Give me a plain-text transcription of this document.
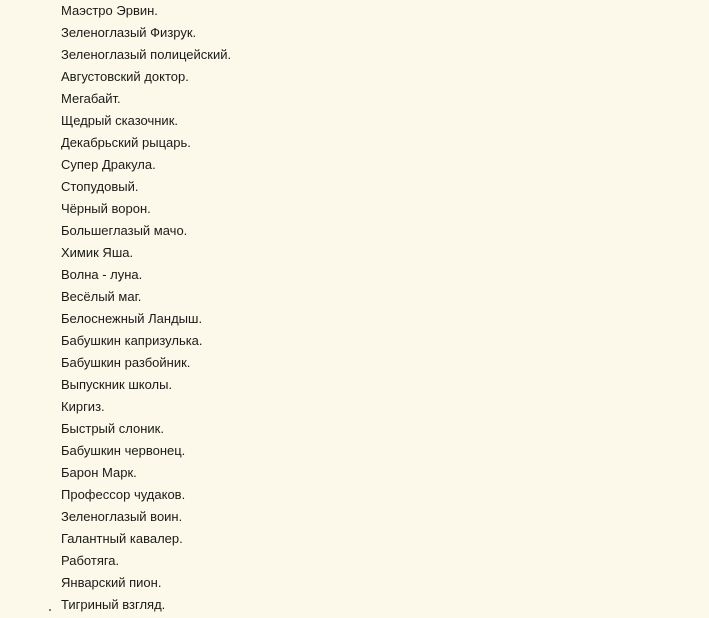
Маэстро Эрвин.
Зеленоглазый Физрук.
Зеленоглазый полицейский.
Августовский доктор.
Мегабайт.
Щедрый сказочник.
Декабрьский рыцарь.
Супер Дракула.
Стопудовый.
Чёрный ворон.
Большеглазый мачо.
Химик Яша.
Волна - луна.
Весёлый маг.
Белоснежный Ландыш.
Бабушкин капризулька.
Бабушкин разбойник.
Выпускник школы.
Киргиз.
Быстрый слоник.
Бабушкин червонец.
Барон Марк.
Профессор чудаков.
Зеленоглазый воин.
Галантный кавалер.
Работяга.
Январский пион.
Тигриный взгляд.
